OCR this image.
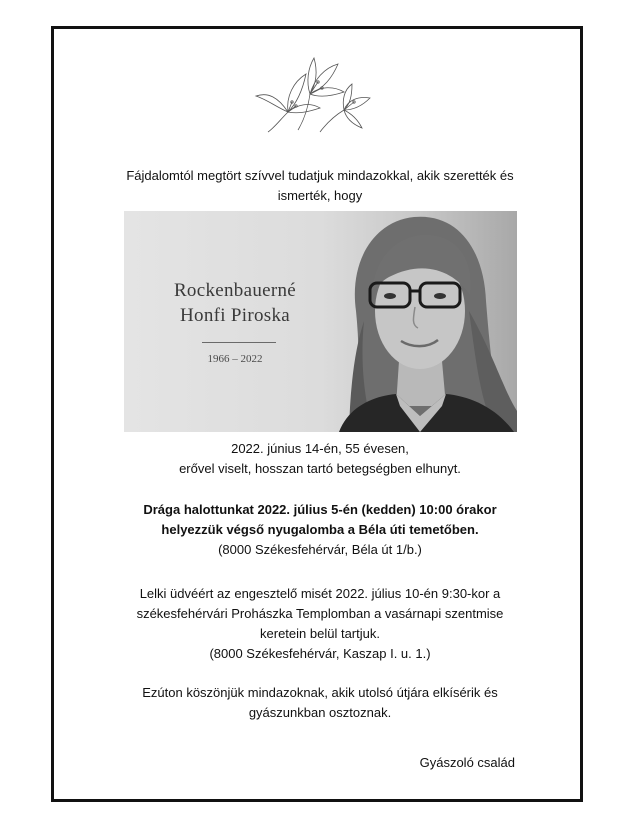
Fájdalomtól megtört szívvel tudatjuk mindazokkal, akik szerették és
ismerték, hogy
Rockenbauerné
Honfi Piroska
1966 – 2022
2022. június 14-én, 55 évesen,
erővel viselt, hosszan tartó betegségben elhunyt.
Drága halottunkat 2022. július 5-én (kedden) 10:00 órakor
helyezzük végső nyugalomba a Béla úti temetőben.
(8000 Székesfehérvár, Béla út 1/b.)
Lelki üdvéért az engesztelő misét 2022. július 10-én 9:30-kor a
székesfehérvári Prohászka Templomban a vasárnapi szentmise
keretein belül tartjuk.
(8000 Székesfehérvár, Kaszap I. u. 1.)
Ezúton köszönjük mindazoknak, akik utolsó útjára elkísérik és
gyászunkban osztoznak.
Gyászoló család
